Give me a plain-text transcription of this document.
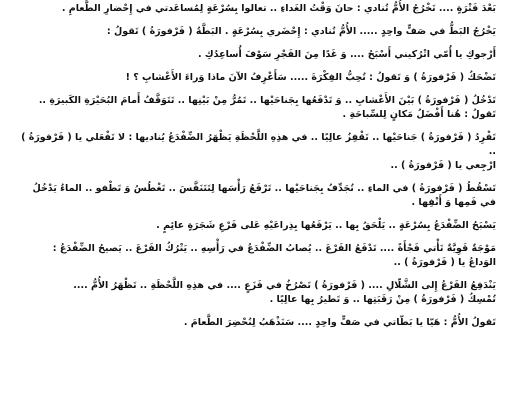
بَعْدَ فَتْرَةٍ .... تَخْرُجُ الأُمُّ تُنادي : حانَ وَقْتُ الغَداءِ .. تعالوا بِسُرْعَةٍ لِمُساعَدتي في إِحْضارِ الطَّعامِ .

يَخْرُجُ البَطُّ في صَفٍّ واحِدٍ ..... الأُمُّ تُنادي : إِحْضَري بِسُرْعَةٍ . البَطَّةُ ( فَرْفورَةُ ) تَقولُ :

أَرْجوكِ يا أُمّي اتْرُكيني أَسْبَحُ .... وَ غَدًا مِنَ الفَجْرِ سَوْفَ أُساعِدُكِ .

تَضْحَكُ ( فَرْفورَةُ ) وَ تَقولُ : تُحِبُّ الفِكْرَةَ ..... سَأَعْرِفُ الآنَ ماذا وَراءَ الأَعْشابِ ؟ !

تَدْخُلُ ( فَرْفورَةُ ) بَيْنَ الأَعْشابِ .. وَ تَدْفَعُها بِجَناحَيْها .. تَمُرُّ مِنْ بَيْنِها .. تَتَوَقَّفُ أَمامَ البُحَيْرَةِ الكَبيرَةِ ..
تَقولُ : هُنا أَفْضَلُ مَكانٍ لِلسِّباحَةِ .

تَفْرِدُ ( فَرْفورَةُ ) جَناحَيْها .. تَقْفِزُ عالِيًا .. في هذِهِ اللَّحْظَةِ يَظْهَرُ الضِّفْدَعُ يُناديها : لا تَفْعَلي يا ( فَرْفورَةُ ) ..
ارْجِعي يا ( فَرْفورَةُ ) ..

تَسْقُطُ ( فَرْفورَةُ ) في الماءِ .. تُجَدِّفُ بِجَناحَيْها .. تَرْفَعُ رَأْسَها لِتَتَنَفَّسَ .. تَغْطُسُ وَ تَطْفو .. الماءُ يَدْخُلُ
في فَمِها وَ أَنْفِها .

يَسْبَحُ الضِّفْدَعُ بِسُرْعَةٍ .. يَلْحَقُ بِها .. يَرْفَعُها بِذِراعَيْهِ عَلى فَرْعِ شَجَرَةٍ عائِمٍ .

مَوْجَةٌ قَوِيَّةٌ تَأْتي فَجْأَةً .... تَدْفَعُ الفَرْعَ .. يُصابُ الضِّفْدَعُ في رَأْسِهِ .. يَتْرُكُ الفَرْعَ .. يَصيحُ الضِّفْدَعُ :
الوَداعُ يا ( فَرْفورَةُ ) ..

يَنْدَفِعُ الفَرْعُ إِلى الشَّلّالِ .... ( فَرْفورَةُ ) تَصْرُخُ في فَزَعٍ .... في هذِهِ اللَّحْظَةِ .. تَظْهَرُ الأُمُّ ....
تُمْسِكُ ( فَرْفورَةُ ) مِنْ رَقَبَتِها .. وَ تَطيرُ بِها عالِيًا .

تَقولُ الأُمُّ : هَيّا يا بَطّاتي في صَفٍّ واحِدٍ .... سَنَذْهَبُ لِنُحْضِرَ الطَّعامَ .
